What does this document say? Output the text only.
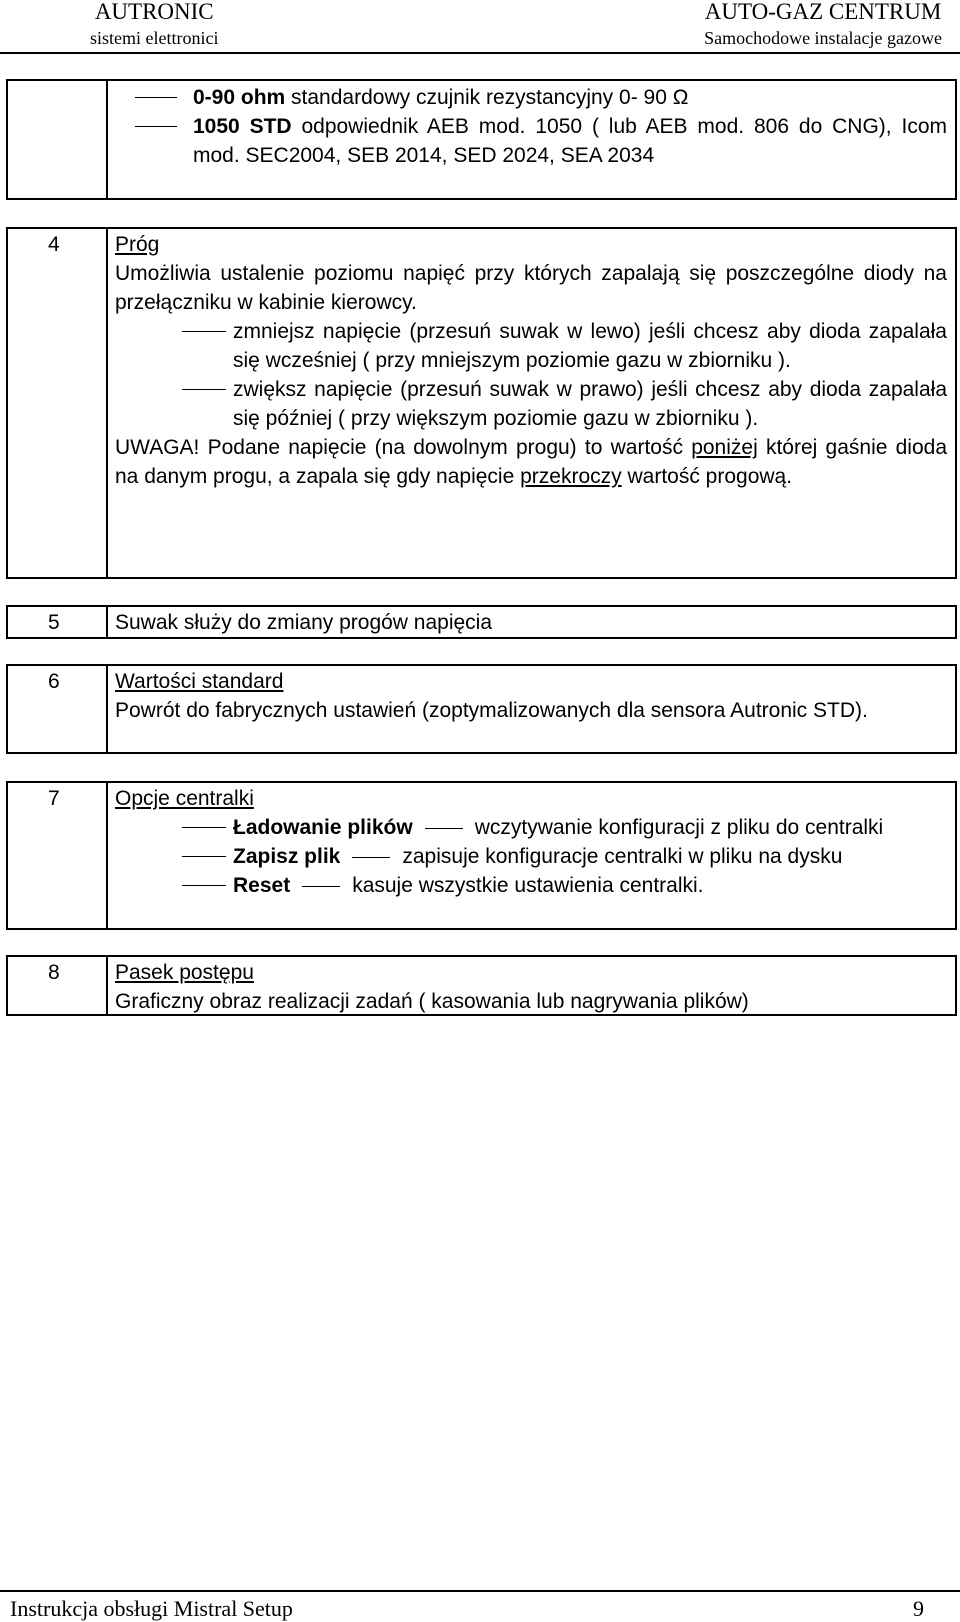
AUTRONIC
sistemi elettronici
AUTO-GAZ CENTRUM
Samochodowe instalacje gazowe
0-90 ohm standardowy czujnik rezystancyjny 0- 90 Ω
1050 STD odpowiednik AEB mod. 1050 ( lub AEB mod. 806 do CNG), Icom mod. SEC2004, SEB 2014, SED 2024, SEA 2034
4	Próg
Umożliwia ustalenie poziomu napięć przy których zapalają się poszczególne diody na przełączniku w kabinie kierowcy.
zmniejsz napięcie (przesuń suwak w lewo) jeśli chcesz aby dioda zapalała się wcześniej ( przy mniejszym poziomie gazu w zbiorniku ).
zwiększ napięcie (przesuń suwak w prawo) jeśli chcesz aby dioda zapalała się później ( przy większym poziomie gazu w zbiorniku ).
UWAGA! Podane napięcie (na dowolnym progu) to wartość poniżej której gaśnie dioda na danym progu, a zapala się gdy napięcie przekroczy wartość progową.
5	Suwak służy do zmiany progów napięcia
6	Wartości standard
Powrót do fabrycznych ustawień (zoptymalizowanych dla sensora Autronic STD).
7	Opcje centralki
Ładowanie plików	wczytywanie konfiguracji z pliku do centralki
Zapisz plik	zapisuje konfiguracje centralki w pliku na dysku
Reset	kasuje wszystkie ustawienia centralki.
8	Pasek postępu
Graficzny obraz realizacji zadań ( kasowania lub nagrywania plików)
Instrukcja obsługi Mistral Setup	9
